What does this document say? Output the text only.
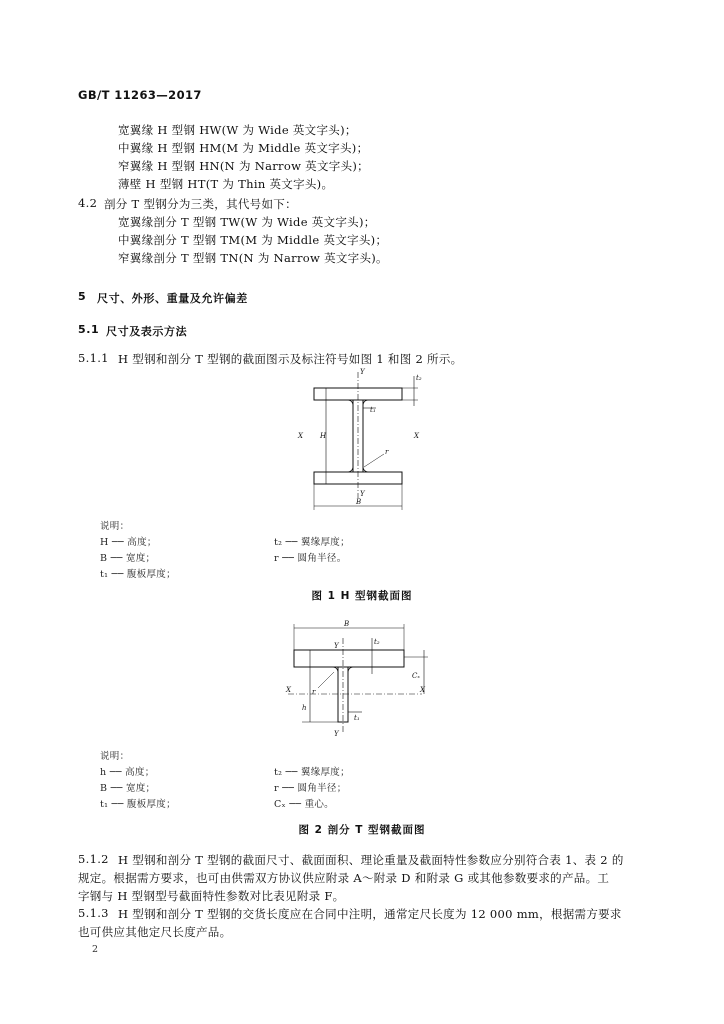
GB/T 11263—2017
宽翼缘 H 型钢 HW(W 为 Wide 英文字头)；
中翼缘 H 型钢 HM(M 为 Middle 英文字头)；
窄翼缘 H 型钢 HN(N 为 Narrow 英文字头)；
薄壁 H 型钢 HT(T 为 Thin 英文字头)。
4.2 剖分 T 型钢分为三类，其代号如下：
宽翼缘剖分 T 型钢 TW(W 为 Wide 英文字头)；
中翼缘剖分 T 型钢 TM(M 为 Middle 英文字头)；
窄翼缘剖分 T 型钢 TN(N 为 Narrow 英文字头)。
5 尺寸、外形、重量及允许偏差
5.1 尺寸及表示方法
5.1.1 H 型钢和剖分 T 型钢的截面图示及标注符号如图 1 和图 2 所示。
Y
Y
X	X
H
B
t₁
t₂
r
说明：
H ── 高度；	t₂ ── 翼缘厚度；
B ── 宽度；	r ── 圆角半径。
t₁ ── 腹板厚度；
图 1 H 型钢截面图
B
Y
Y
X	X
h
t₁
t₂
r
Cₓ
说明：
h ── 高度；	t₂ ── 翼缘厚度；
B ── 宽度；	r ── 圆角半径；
t₁ ── 腹板厚度；	Cₓ ── 重心。
图 2 剖分 T 型钢截面图
5.1.2 H 型钢和剖分 T 型钢的截面尺寸、截面面积、理论重量及截面特性参数应分别符合表 1、表 2 的
规定。根据需方要求，也可由供需双方协议供应附录 A～附录 D 和附录 G 或其他参数要求的产品。工
字钢与 H 型钢型号截面特性参数对比表见附录 F。
5.1.3 H 型钢和剖分 T 型钢的交货长度应在合同中注明，通常定尺长度为 12 000 mm，根据需方要求
也可供应其他定尺长度产品。
2
